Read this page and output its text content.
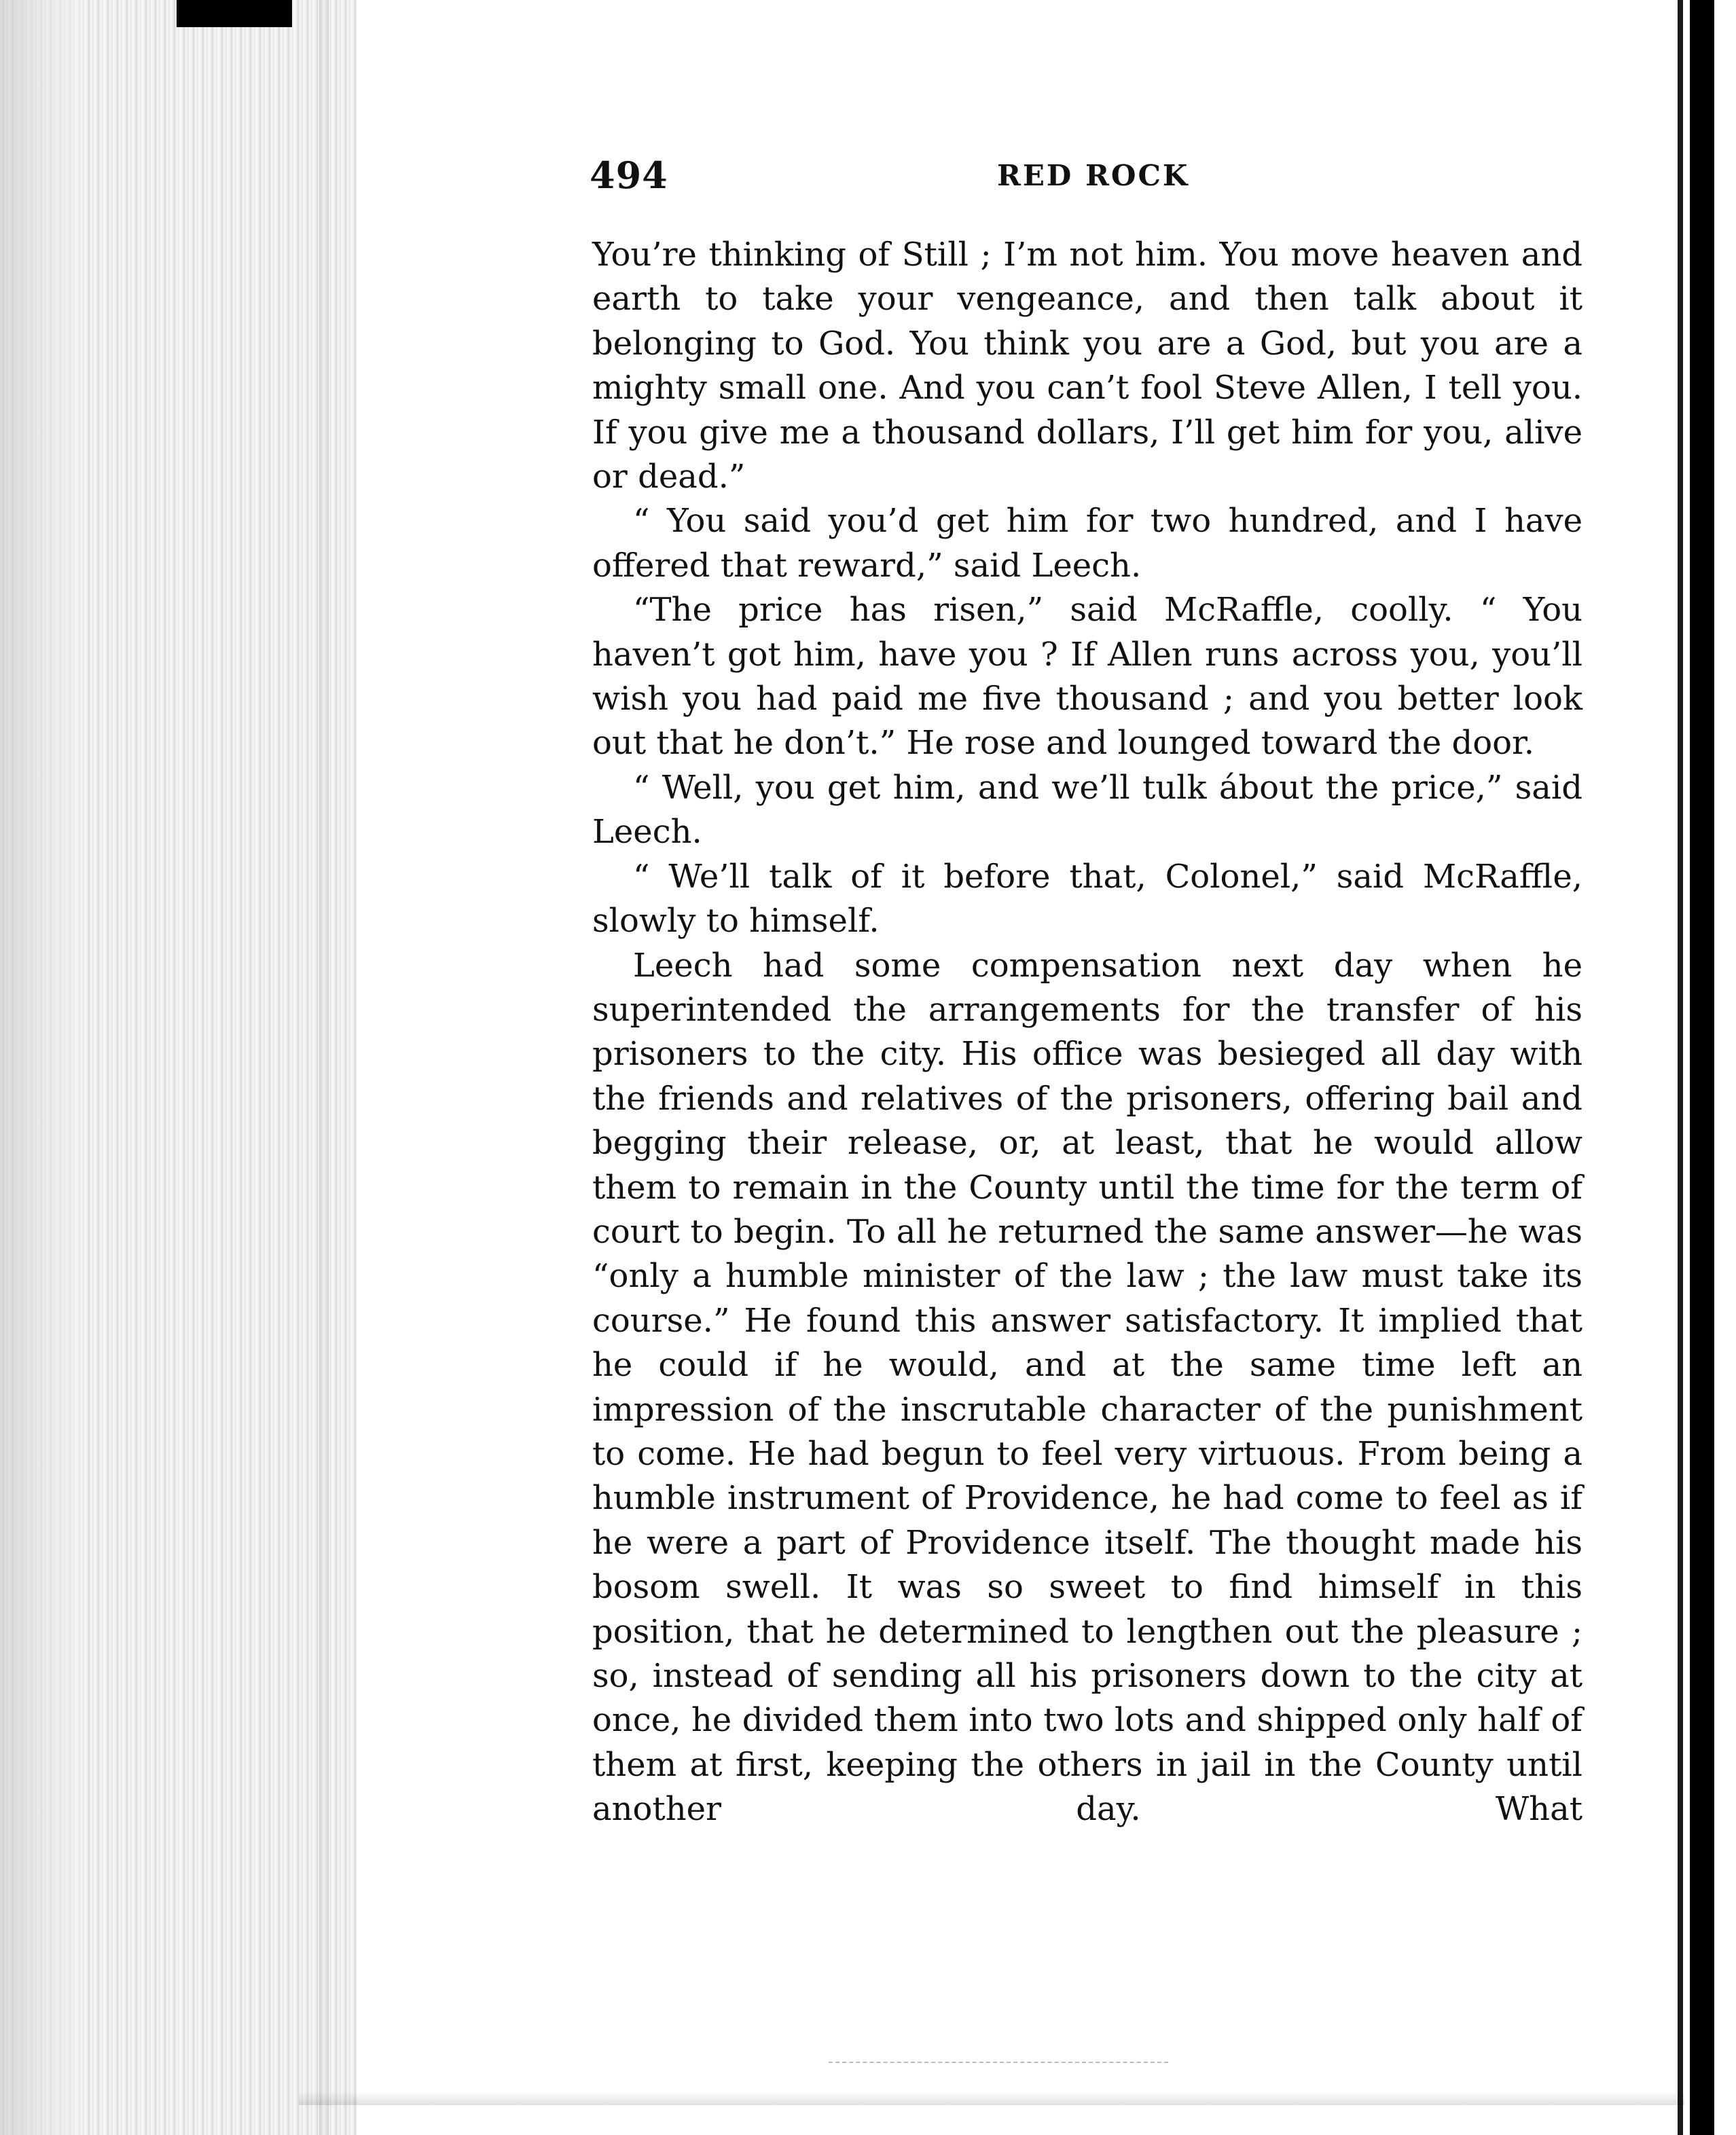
494	RED ROCK

You’re thinking of Still ; I’m not him. You move heaven and earth to take your vengeance, and then talk about it belonging to God. You think you are a God, but you are a mighty small one. And you can’t fool Steve Allen, I tell you. If you give me a thousand dollars, I’ll get him for you, alive or dead.”

“ You said you’d get him for two hundred, and I have offered that reward,” said Leech.

“The price has risen,” said McRaffle, coolly. “ You haven’t got him, have you ? If Allen runs across you, you’ll wish you had paid me five thousand ; and you better look out that he don’t.” He rose and lounged toward the door.

“ Well, you get him, and we’ll tulk ábout the price,” said Leech.

“ We’ll talk of it before that, Colonel,” said McRaffle, slowly to himself.

Leech had some compensation next day when he superintended the arrangements for the transfer of his prisoners to the city. His office was besieged all day with the friends and relatives of the prisoners, offering bail and begging their release, or, at least, that he would allow them to remain in the County until the time for the term of court to begin. To all he returned the same answer—he was “only a humble minister of the law ; the law must take its course.” He found this answer satisfactory. It implied that he could if he would, and at the same time left an impression of the inscrutable character of the punishment to come. He had begun to feel very virtuous. From being a humble instrument of Providence, he had come to feel as if he were a part of Providence itself. The thought made his bosom swell. It was so sweet to find himself in this position, that he determined to lengthen out the pleasure ; so, instead of sending all his prisoners down to the city at once, he divided them into two lots and shipped only half of them at first, keeping the others in jail in the County until another day. What
